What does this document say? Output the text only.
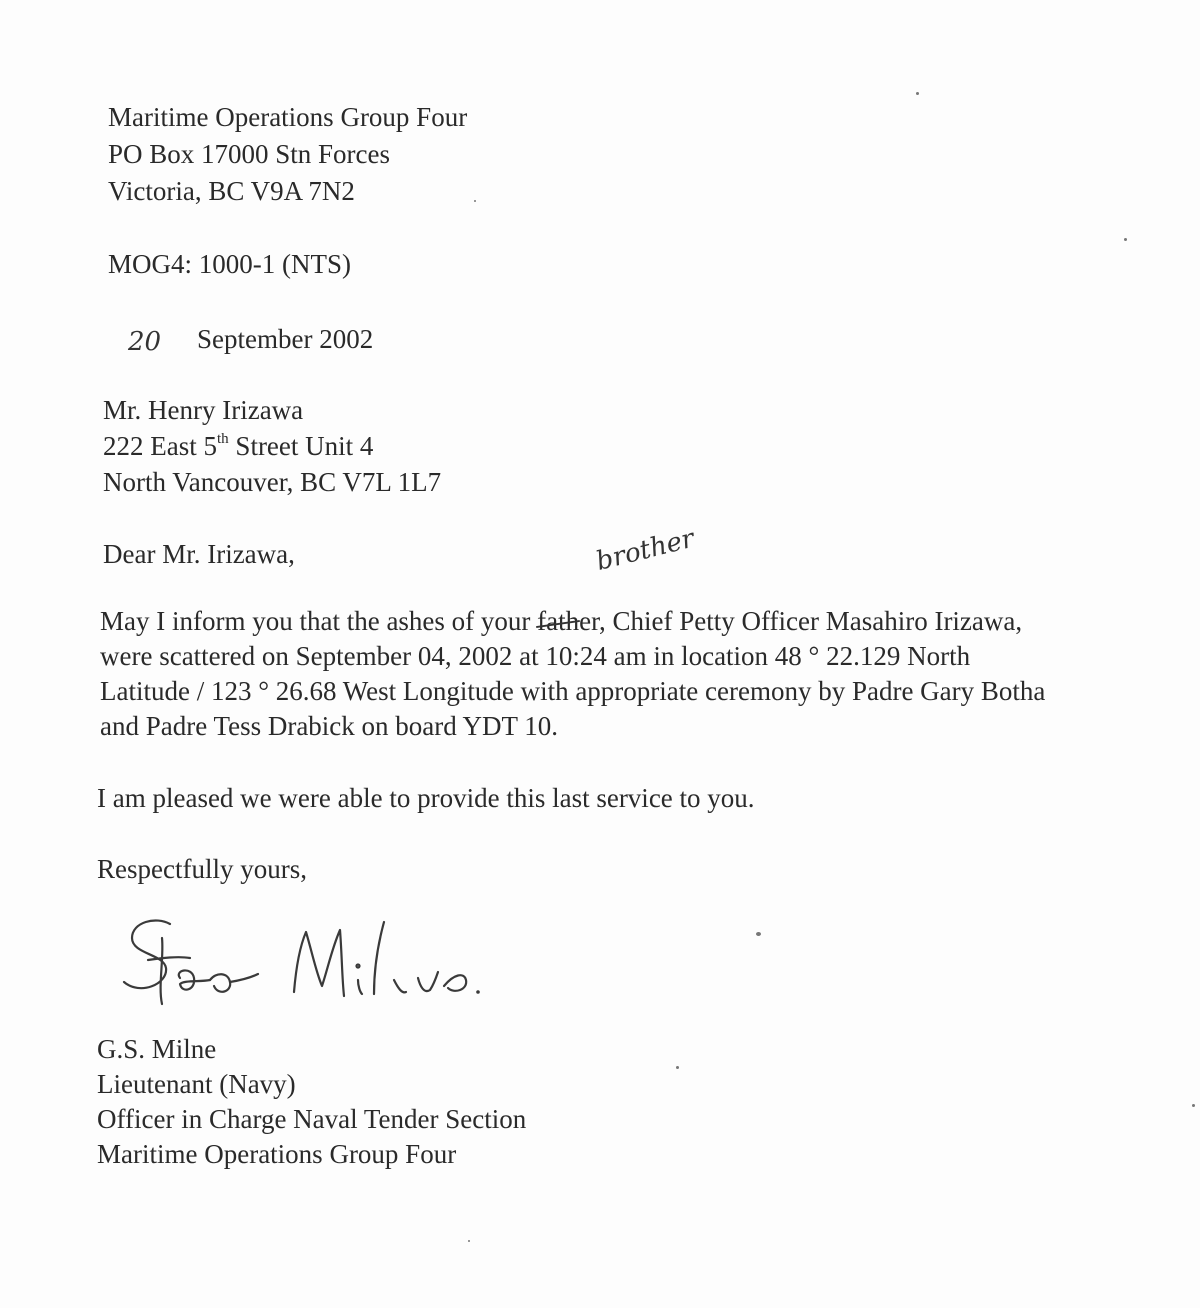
Maritime Operations Group Four
PO Box 17000 Stn Forces
Victoria, BC V9A 7N2
MOG4: 1000-1 (NTS)
20 September 2002
Mr. Henry Irizawa
222 East 5th Street Unit 4
North Vancouver, BC V7L 1L7
Dear Mr. Irizawa,	brother
May I inform you that the ashes of your father, Chief Petty Officer Masahiro Irizawa,
were scattered on September 04, 2002 at 10:24 am in location 48 ° 22.129 North
Latitude / 123 ° 26.68 West Longitude with appropriate ceremony by Padre Gary Botha
and Padre Tess Drabick on board YDT 10.
I am pleased we were able to provide this last service to you.
Respectfully yours,
G.S. Milne
Lieutenant (Navy)
Officer in Charge Naval Tender Section
Maritime Operations Group Four
